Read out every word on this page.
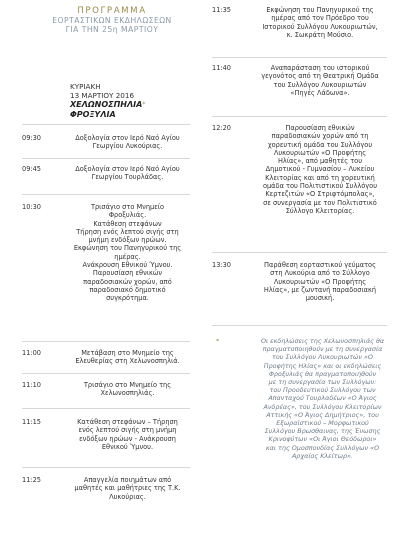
ΠΡΟΓΡΑΜΜΑ
ΕΟΡΤΑΣΤΙΚΩΝ ΕΚΔΗΛΩΣΕΩΝ
ΓΙΑ ΤΗΝ 25η ΜΑΡΤΙΟΥ
ΚΥΡΙΑΚΗ
13 ΜΑΡΤΙΟΥ 2016
ΧΕΛΩΝΟΣΠΗΛΙΑ*
ΦΡΟΞΥΛΙΑ
*	Οι εκδηλώσεις της Χελωνοσπηλιάς θα
πραγματοποιηθούν με τη συνεργασία
του Συλλόγου Λυκουριωτών «Ο
Προφήτης Ηλίας» και οι εκδηλώσεις
Φροξυλιάς θα πραγματοποιηθούν
με τη συνεργασία των Συλλόγων:
του Προοδευτικού Συλλόγου των
Απανταχού Τουρλαδέων «Ο Άγιος
Ανδρέας», του Συλλόγου Κλειτορίων
Αττικής «Ο Άγιος Δημήτριος», του
Εξωραϊστικού – Μορφωτικού
Συλλόγου Βρωσθαινας, της Ένωσης
Κρινοφύτων «Οι Άγιοι Θεόδωροι»
και της Ομοσπονδίας Συλλόγων «Ο
Αρχαίος Κλείτωρ».
09:30	Δοξολογία στον Ιερό Ναό Αγίου
Γεωργίου Λυκούριας.
09:45	Δοξολογία στον Ιερό Ναό Αγίου
Γεωργίου Τουρλάδας.
10:30	Τρισάγιο στο Μνημείο
Φροξυλιάς.
Κατάθεση στεφάνων
Τήρηση ενός λεπτού σιγής στη
μνήμη ενδόξων ηρώων.
Εκφώνηση του Πανηγυρικού της
ημέρας.
Ανάκρουση Εθνικού Ύμνου.
Παρουσίαση εθνικών
παραδοσιακών χορών, από
παραδοσιακό δημοτικό
συγκρότημα.
11:00	Μετάβαση στο Μνημείο της
Ελευθερίας στη Χελωνοσπηλιά.
11:10	Τρισάγιο στο Μνημείο της
Χελωνοσπηλιάς.
11:15	Κατάθεση στεφάνων – Τήρηση
ενός λεπτού σιγής στη μνήμη
ενδόξων ηρώων - Ανάκρουση
Εθνικού Ύμνου.
11:25	Απαγγελία ποιημάτων από
μαθητές και μαθήτριες της Τ.Κ.
Λυκούριας.
11:35	Εκφώνηση του Πανηγυρικού της
ημέρας από τον Πρόεδρο του
Ιστορικού Συλλόγου Λυκουριωτών,
κ. Σωκράτη Μούσιο.
11:40	Αναπαράσταση του ιστορικού
γεγονότος από τη Θεατρική Ομάδα
του Συλλόγου Λυκουριωτών
«Πηγές Λάδωνα».
12:20	Παρουσίαση εθνικών
παραδοσιακών χορών από τη
χορευτική ομάδα του Συλλόγου
Λυκουριωτών «Ο Προφήτης
Ηλίας», από μαθητές του
Δημοτικού - Γυμνασίου – Λυκείου
Κλειτορίας και από τη χορευτική
ομάδα του Πολιτιστικού Συλλόγου
Κερτεζιτών «Ο Στριφτόμπολας»,
σε συνεργασία με τον Πολιτιστικό
Σύλλογο Κλειτορίας.
13:30	Παράθεση εορταστικού γεύματος
στη Λυκούρια από το Σύλλογο
Λυκουριωτών «Ο Προφήτης
Ηλίας», με ζωντανή παραδοσιακή
μουσική.
